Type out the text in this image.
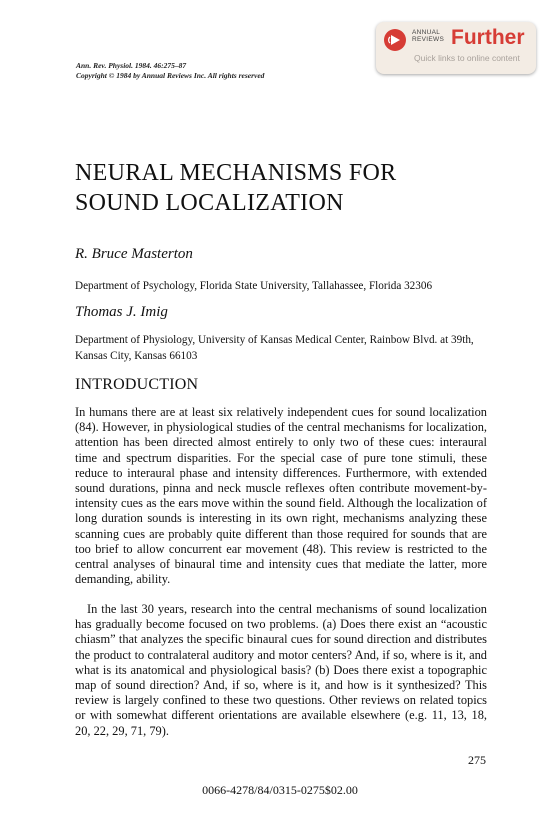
ANNUAL
REVIEWS Further
Quick links to online content

Ann. Rev. Physiol. 1984. 46:275–87
Copyright © 1984 by Annual Reviews Inc. All rights reserved

NEURAL MECHANISMS FOR
SOUND LOCALIZATION

R. Bruce Masterton

Department of Psychology, Florida State University, Tallahassee, Florida 32306

Thomas J. Imig

Department of Physiology, University of Kansas Medical Center, Rainbow Blvd. at 39th, Kansas City, Kansas 66103

INTRODUCTION

In humans there are at least six relatively independent cues for sound localization (84). However, in physiological studies of the central mechanisms for localization, attention has been directed almost entirely to only two of these cues: interaural time and spectrum disparities. For the special case of pure tone stimuli, these reduce to interaural phase and intensity differences. Furthermore, with extended sound durations, pinna and neck muscle reflexes often contribute movement-by-intensity cues as the ears move within the sound field. Although the localization of long duration sounds is interesting in its own right, mechanisms analyzing these scanning cues are probably quite different than those required for sounds that are too brief to allow concurrent ear movement (48). This review is restricted to the central analyses of binaural time and intensity cues that mediate the latter, more demanding, ability.

In the last 30 years, research into the central mechanisms of sound localization has gradually become focused on two problems. (a) Does there exist an “acoustic chiasm” that analyzes the specific binaural cues for sound direction and distributes the product to contralateral auditory and motor centers? And, if so, where is it, and what is its anatomical and physiological basis? (b) Does there exist a topographic map of sound direction? And, if so, where is it, and how is it synthesized? This review is largely confined to these two questions. Other reviews on related topics or with somewhat different orientations are available elsewhere (e.g. 11, 13, 18, 20, 22, 29, 71, 79).

275
0066-4278/84/0315-0275$02.00
